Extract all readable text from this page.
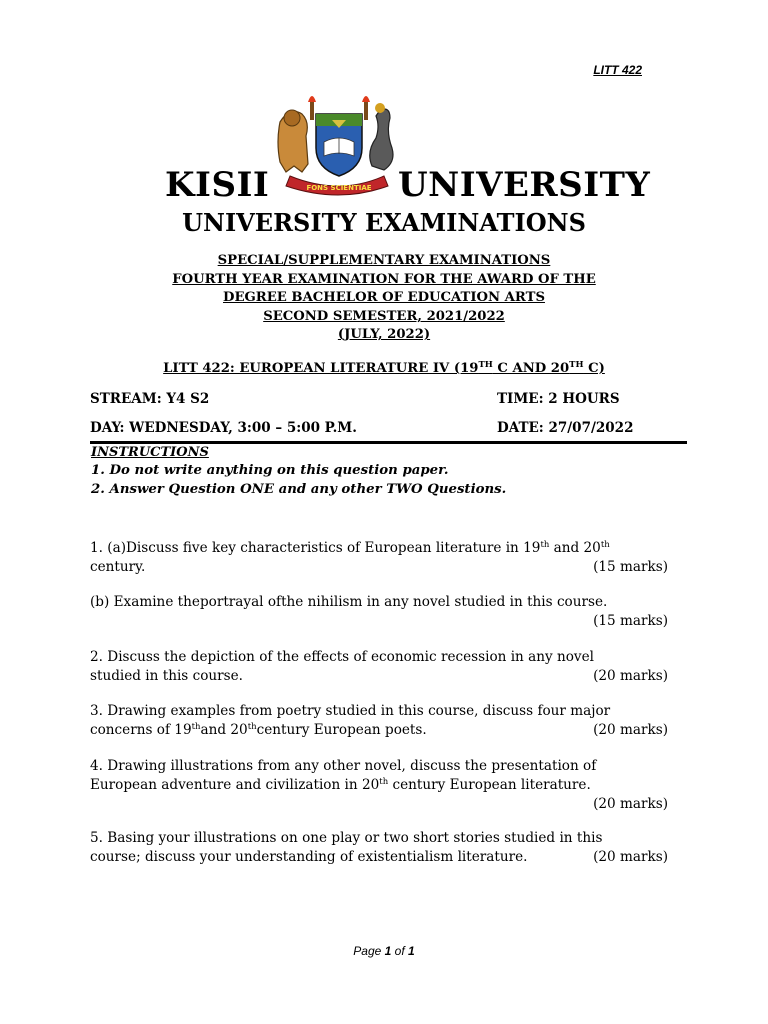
LITT 422
FONS SCIENTIAE
KISII	UNIVERSITY
UNIVERSITY EXAMINATIONS
SPECIAL/SUPPLEMENTARY EXAMINATIONS
FOURTH YEAR EXAMINATION FOR THE AWARD OF THE
DEGREE BACHELOR OF EDUCATION ARTS
SECOND SEMESTER, 2021/2022
(JULY, 2022)
LITT 422: EUROPEAN LITERATURE IV (19TH C AND 20TH C)
STREAM: Y4 S2	TIME: 2 HOURS
DAY: WEDNESDAY, 3:00 – 5:00 P.M.	DATE: 27/07/2022
INSTRUCTIONS
1. Do not write anything on this question paper.
2. Answer Question ONE and any other TWO Questions.
1. (a)Discuss five key characteristics of European literature in 19th and 20th
century.	(15 marks)
(b) Examine theportrayal ofthe nihilism in any novel studied in this course.
(15 marks)
2. Discuss the depiction of the effects of economic recession in any novel
studied in this course.	(20 marks)
3. Drawing examples from poetry studied in this course, discuss four major
concerns of 19thand 20thcentury European poets.	(20 marks)
4. Drawing illustrations from any other novel, discuss the presentation of
European adventure and civilization in 20th century European literature.
(20 marks)
5. Basing your illustrations on one play or two short stories studied in this
course; discuss your understanding of existentialism literature.	(20 marks)
Page 1 of 1
